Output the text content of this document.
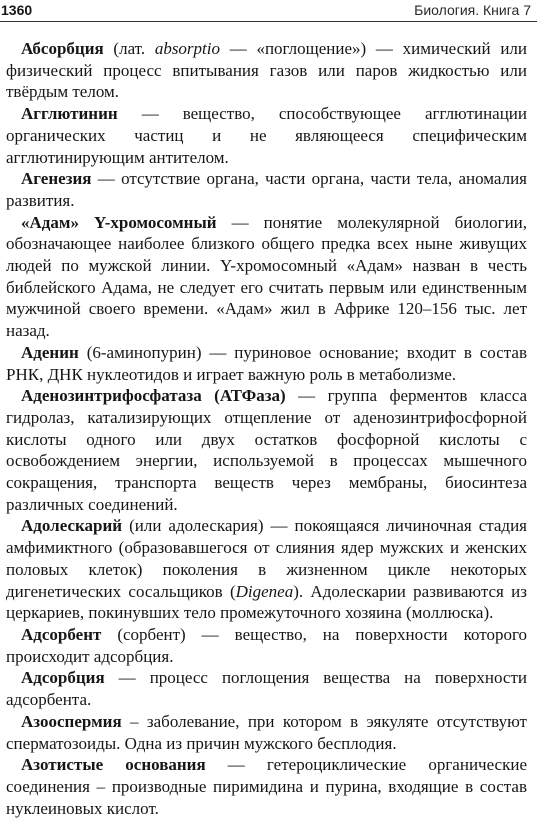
1360	Биология. Книга 7

Абсорбция (лат. absorptio — «поглощение») — химический или физический процесс впитывания газов или паров жидкостью или твёрдым телом.

Агглютинин — вещество, способствующее агглютинации органических частиц и не являющееся специфическим агглютинирующим антителом.

Агенезия — отсутствие органа, части органа, части тела, аномалия развития.

«Адам» Y-хромосомный — понятие молекулярной биологии, обозначающее наиболее близкого общего предка всех ныне живущих людей по мужской линии. Y-хромосомный «Адам» назван в честь библейского Адама, не следует его считать первым или единственным мужчиной своего времени. «Адам» жил в Африке 120–156 тыс. лет назад.

Аденин (6-аминопурин) — пуриновое основание; входит в состав РНК, ДНК нуклеотидов и играет важную роль в метаболизме.

Аденозинтрифосфатаза (АТФаза) — группа ферментов класса гидролаз, катализирующих отщепление от аденозинтрифосфорной кислоты одного или двух остатков фосфорной кислоты с освобождением энергии, используемой в процессах мышечного сокращения, транспорта веществ через мембраны, биосинтеза различных соединений.

Адолескарий (или адолескария) — покоящаяся личиночная стадия амфимиктного (образовавшегося от слияния ядер мужских и женских половых клеток) поколения в жизненном цикле некоторых дигенетических сосальщиков (Digenea). Адолескарии развиваются из церкариев, покинувших тело промежуточного хозяина (моллюска).

Адсорбент (сорбент) — вещество, на поверхности которого происходит адсорбция.

Адсорбция — процесс поглощения вещества на поверхности адсорбента.

Азооспермия – заболевание, при котором в эякуляте отсутствуют сперматозоиды. Одна из причин мужского бесплодия.

Азотистые основания — гетероциклические органические соединения – производные пиримидина и пурина, входящие в состав нуклеиновых кислот.
